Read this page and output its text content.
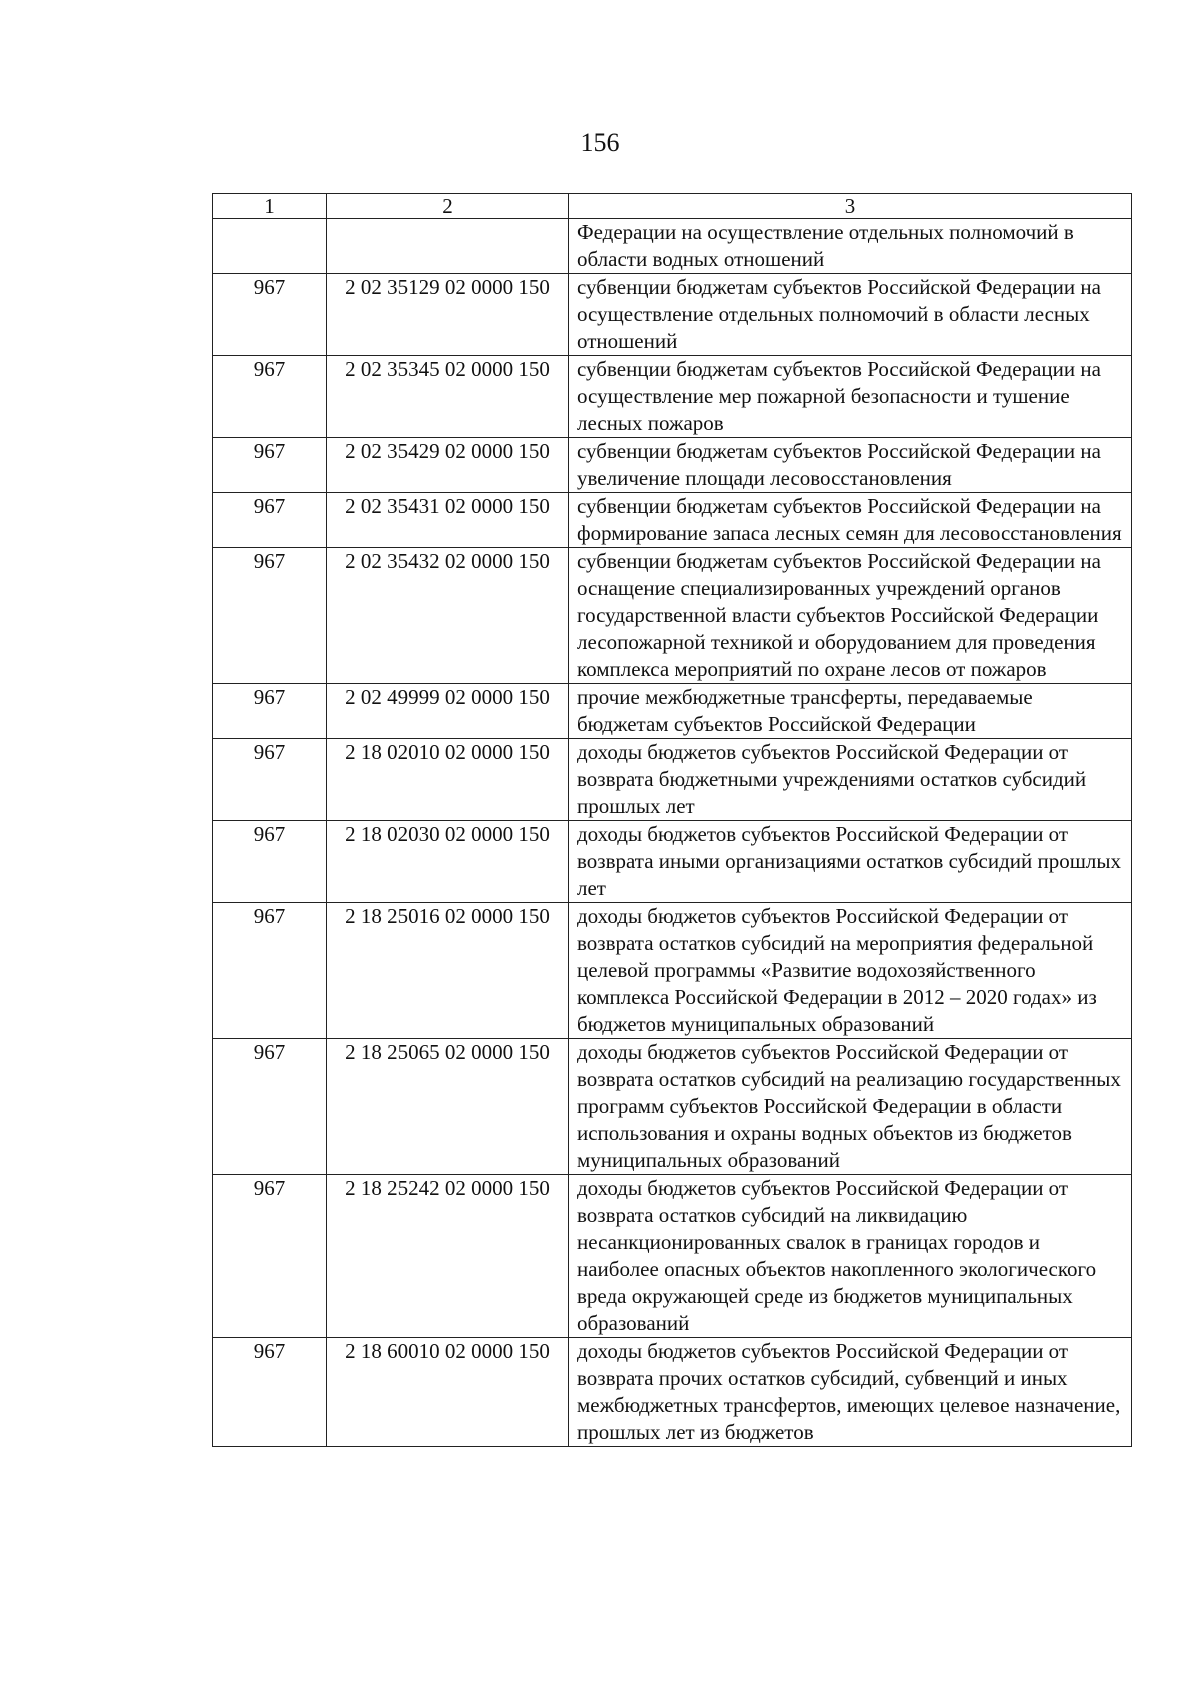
156
1	2	3
		Федерации на осуществление отдельных полномочий в области водных отношений
967	2 02 35129 02 0000 150	субвенции бюджетам субъектов Российской Федерации на осуществление отдельных полномочий в области лесных отношений
967	2 02 35345 02 0000 150	субвенции бюджетам субъектов Российской Федерации на осуществление мер пожарной безопасности и тушение лесных пожаров
967	2 02 35429 02 0000 150	субвенции бюджетам субъектов Российской Федерации на увеличение площади лесовосстановления
967	2 02 35431 02 0000 150	субвенции бюджетам субъектов Российской Федерации на формирование запаса лесных семян для лесовосстановления
967	2 02 35432 02 0000 150	субвенции бюджетам субъектов Российской Федерации на оснащение специализированных учреждений органов государственной власти субъектов Российской Федерации лесопожарной техникой и оборудованием для проведения комплекса мероприятий по охране лесов от пожаров
967	2 02 49999 02 0000 150	прочие межбюджетные трансферты, передаваемые бюджетам субъектов Российской Федерации
967	2 18 02010 02 0000 150	доходы бюджетов субъектов Российской Федерации от возврата бюджетными учреждениями остатков субсидий прошлых лет
967	2 18 02030 02 0000 150	доходы бюджетов субъектов Российской Федерации от возврата иными организациями остатков субсидий прошлых лет
967	2 18 25016 02 0000 150	доходы бюджетов субъектов Российской Федерации от возврата остатков субсидий на мероприятия федеральной целевой программы «Развитие водохозяйственного комплекса Российской Федерации в 2012 – 2020 годах» из бюджетов муниципальных образований
967	2 18 25065 02 0000 150	доходы бюджетов субъектов Российской Федерации от возврата остатков субсидий на реализацию государственных программ субъектов Российской Федерации в области использования и охраны водных объектов из бюджетов муниципальных образований
967	2 18 25242 02 0000 150	доходы бюджетов субъектов Российской Федерации от возврата остатков субсидий на ликвидацию несанкционированных свалок в границах городов и наиболее опасных объектов накопленного экологического вреда окружающей среде из бюджетов муниципальных образований
967	2 18 60010 02 0000 150	доходы бюджетов субъектов Российской Федерации от возврата прочих остатков субсидий, субвенций и иных межбюджетных трансфертов, имеющих целевое назначение, прошлых лет из бюджетов
